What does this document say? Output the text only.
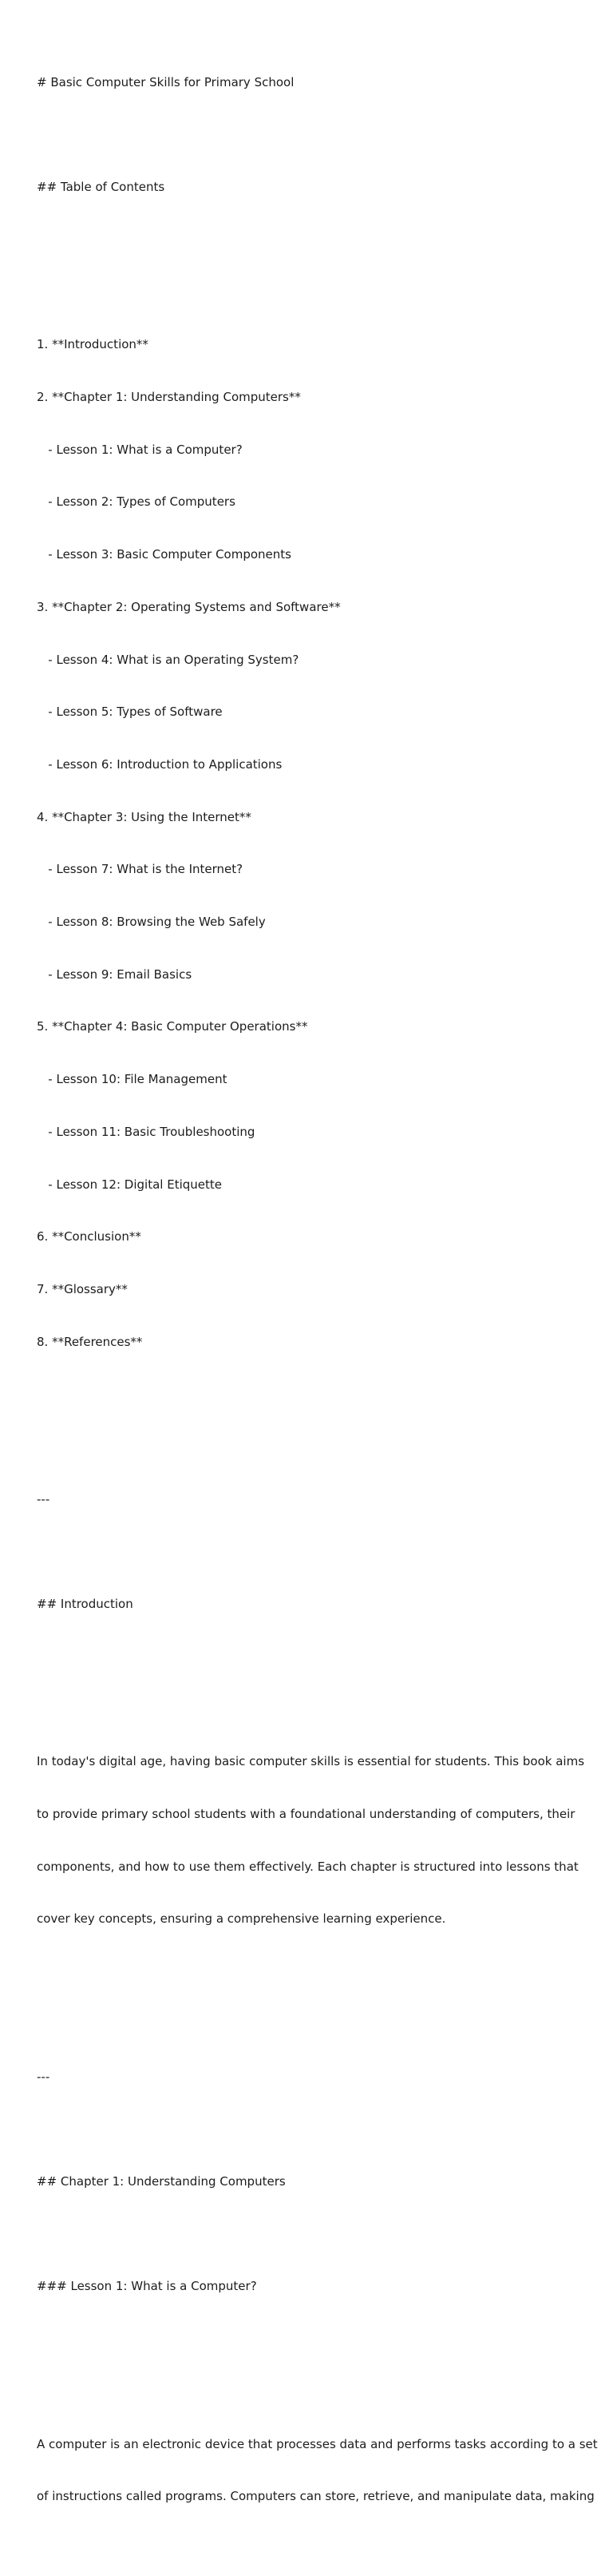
# Basic Computer Skills for Primary School

## Table of Contents

1. **Introduction**

2. **Chapter 1: Understanding Computers**

- Lesson 1: What is a Computer?

- Lesson 2: Types of Computers

- Lesson 3: Basic Computer Components

3. **Chapter 2: Operating Systems and Software**

- Lesson 4: What is an Operating System?

- Lesson 5: Types of Software

- Lesson 6: Introduction to Applications

4. **Chapter 3: Using the Internet**

- Lesson 7: What is the Internet?

- Lesson 8: Browsing the Web Safely

- Lesson 9: Email Basics

5. **Chapter 4: Basic Computer Operations**

- Lesson 10: File Management

- Lesson 11: Basic Troubleshooting

- Lesson 12: Digital Etiquette

6. **Conclusion**

7. **Glossary**

8. **References**

---

## Introduction

In today's digital age, having basic computer skills is essential for students. This book aims

to provide primary school students with a foundational understanding of computers, their

components, and how to use them effectively. Each chapter is structured into lessons that

cover key concepts, ensuring a comprehensive learning experience.

---

## Chapter 1: Understanding Computers

### Lesson 1: What is a Computer?

A computer is an electronic device that processes data and performs tasks according to a set

of instructions called programs. Computers can store, retrieve, and manipulate data, making
